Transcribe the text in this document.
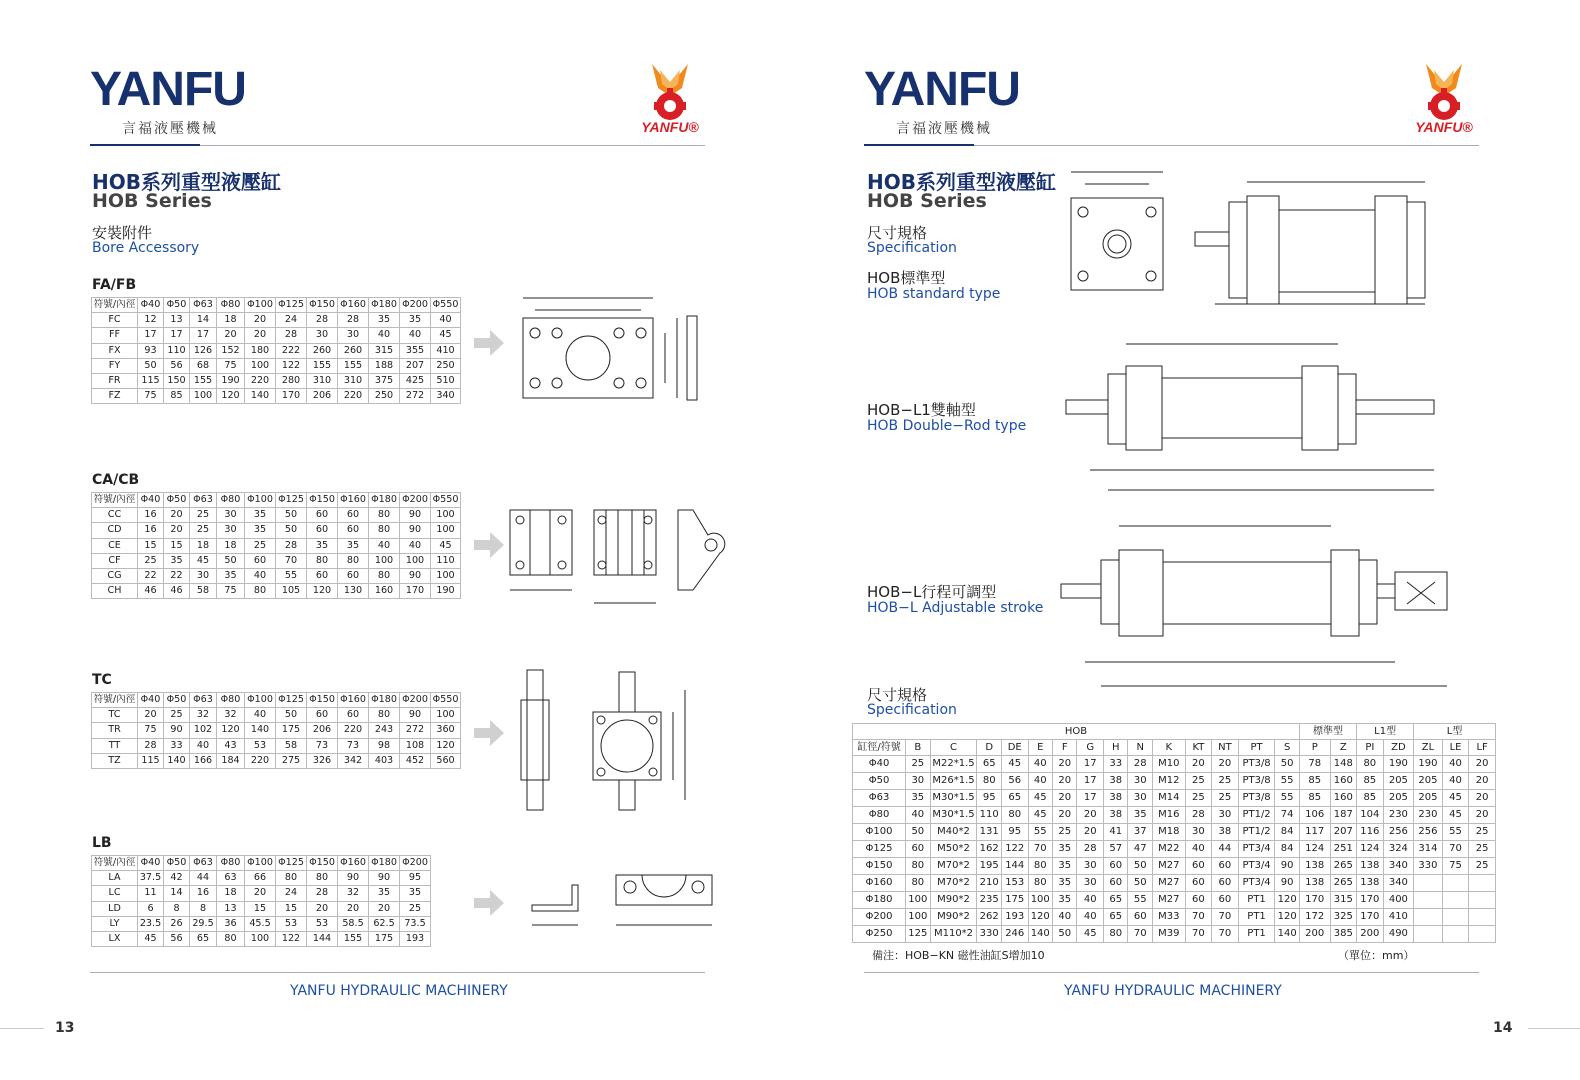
YANFU
言福液壓機械	YANFU®
HOB系列重型液壓缸
HOB Series
安裝附件
Bore Accessory
FA/FB
符號/內徑	Φ40	Φ50	Φ63	Φ80	Φ100	Φ125	Φ150	Φ160	Φ180	Φ200	Φ550
FC	12	13	14	18	20	24	28	28	35	35	40
FF	17	17	17	20	20	28	30	30	40	40	45
FX	93	110	126	152	180	222	260	260	315	355	410
FY	50	56	68	75	100	122	155	155	188	207	250
FR	115	150	155	190	220	280	310	310	375	425	510
FZ	75	85	100	120	140	170	206	220	250	272	340
CA/CB
符號/內徑	Φ40	Φ50	Φ63	Φ80	Φ100	Φ125	Φ150	Φ160	Φ180	Φ200	Φ550
CC	16	20	25	30	35	50	60	60	80	90	100
CD	16	20	25	30	35	50	60	60	80	90	100
CE	15	15	18	18	25	28	35	35	40	40	45
CF	25	35	45	50	60	70	80	80	100	100	110
CG	22	22	30	35	40	55	60	60	80	90	100
CH	46	46	58	75	80	105	120	130	160	170	190
TC
符號/內徑	Φ40	Φ50	Φ63	Φ80	Φ100	Φ125	Φ150	Φ160	Φ180	Φ200	Φ550
TC	20	25	32	32	40	50	60	60	80	90	100
TR	75	90	102	120	140	175	206	220	243	272	360
TT	28	33	40	43	53	58	73	73	98	108	120
TZ	115	140	166	184	220	275	326	342	403	452	560
LB
符號/內徑	Φ40	Φ50	Φ63	Φ80	Φ100	Φ125	Φ150	Φ160	Φ180	Φ200
LA	37.5	42	44	63	66	80	80	90	90	95
LC	11	14	16	18	20	24	28	32	35	35
LD	6	8	8	13	15	15	20	20	20	25
LY	23.5	26	29.5	36	45.5	53	53	58.5	62.5	73.5
LX	45	56	65	80	100	122	144	155	175	193
YANFU HYDRAULIC MACHINERY
13
YANFU
言福液壓機械	YANFU®
HOB系列重型液壓缸
HOB Series
尺寸規格
Specification
HOB標準型
HOB standard type
HOB−L1雙軸型
HOB Double−Rod type
HOB−L行程可調型
HOB−L Adjustable stroke
尺寸規格
Specification
HOB															標準型		L1型		L型		
缸徑/符號	B	C	D	DE	E	F	G	H	N	K	KT	NT	PT	S	P	Z	PI	ZD	ZL	LE	LF
Φ40	25	M22*1.5	65	45	40	20	17	33	28	M10	20	20	PT3/8	50	78	148	80	190	190	40	20
Φ50	30	M26*1.5	80	56	40	20	17	38	30	M12	25	25	PT3/8	55	85	160	85	205	205	40	20
Φ63	35	M30*1.5	95	65	45	20	17	38	30	M14	25	25	PT3/8	55	85	160	85	205	205	45	20
Φ80	40	M30*1.5	110	80	45	20	20	38	35	M16	28	30	PT1/2	74	106	187	104	230	230	45	20
Φ100	50	M40*2	131	95	55	25	20	41	37	M18	30	38	PT1/2	84	117	207	116	256	256	55	25
Φ125	60	M50*2	162	122	70	35	28	57	47	M22	40	44	PT3/4	84	124	251	124	324	314	70	25
Φ150	80	M70*2	195	144	80	35	30	60	50	M27	60	60	PT3/4	90	138	265	138	340	330	75	25
Φ160	80	M70*2	210	153	80	35	30	60	50	M27	60	60	PT3/4	90	138	265	138	340			
Φ180	100	M90*2	235	175	100	35	40	65	55	M27	60	60	PT1	120	170	315	170	400			
Φ200	100	M90*2	262	193	120	40	40	65	60	M33	70	70	PT1	120	172	325	170	410			
Φ250	125	M110*2	330	246	140	50	45	80	70	M39	70	70	PT1	140	200	385	200	490			
備注：HOB−KN 磁性油缸S增加10	（單位：mm）
YANFU HYDRAULIC MACHINERY
14
